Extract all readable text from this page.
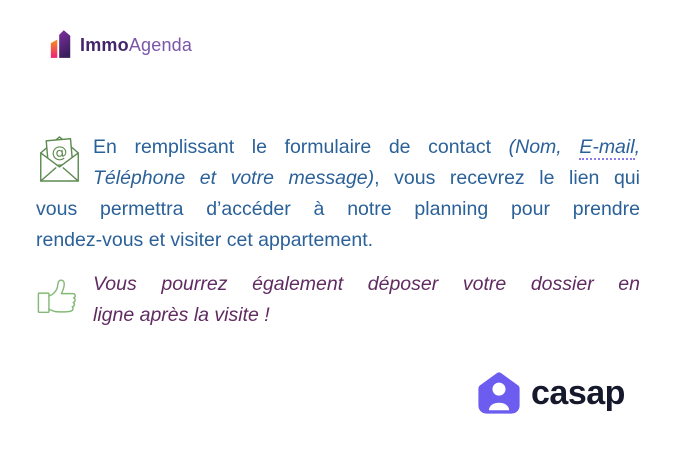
ImmoAgenda
@ En remplissant le formulaire de contact (Nom, E-mail,
Téléphone et votre message), vous recevrez le lien qui
vous permettra d’accéder à notre planning pour prendre
rendez-vous et visiter cet appartement.
Vous pourrez également déposer votre dossier en
ligne après la visite !
casap
